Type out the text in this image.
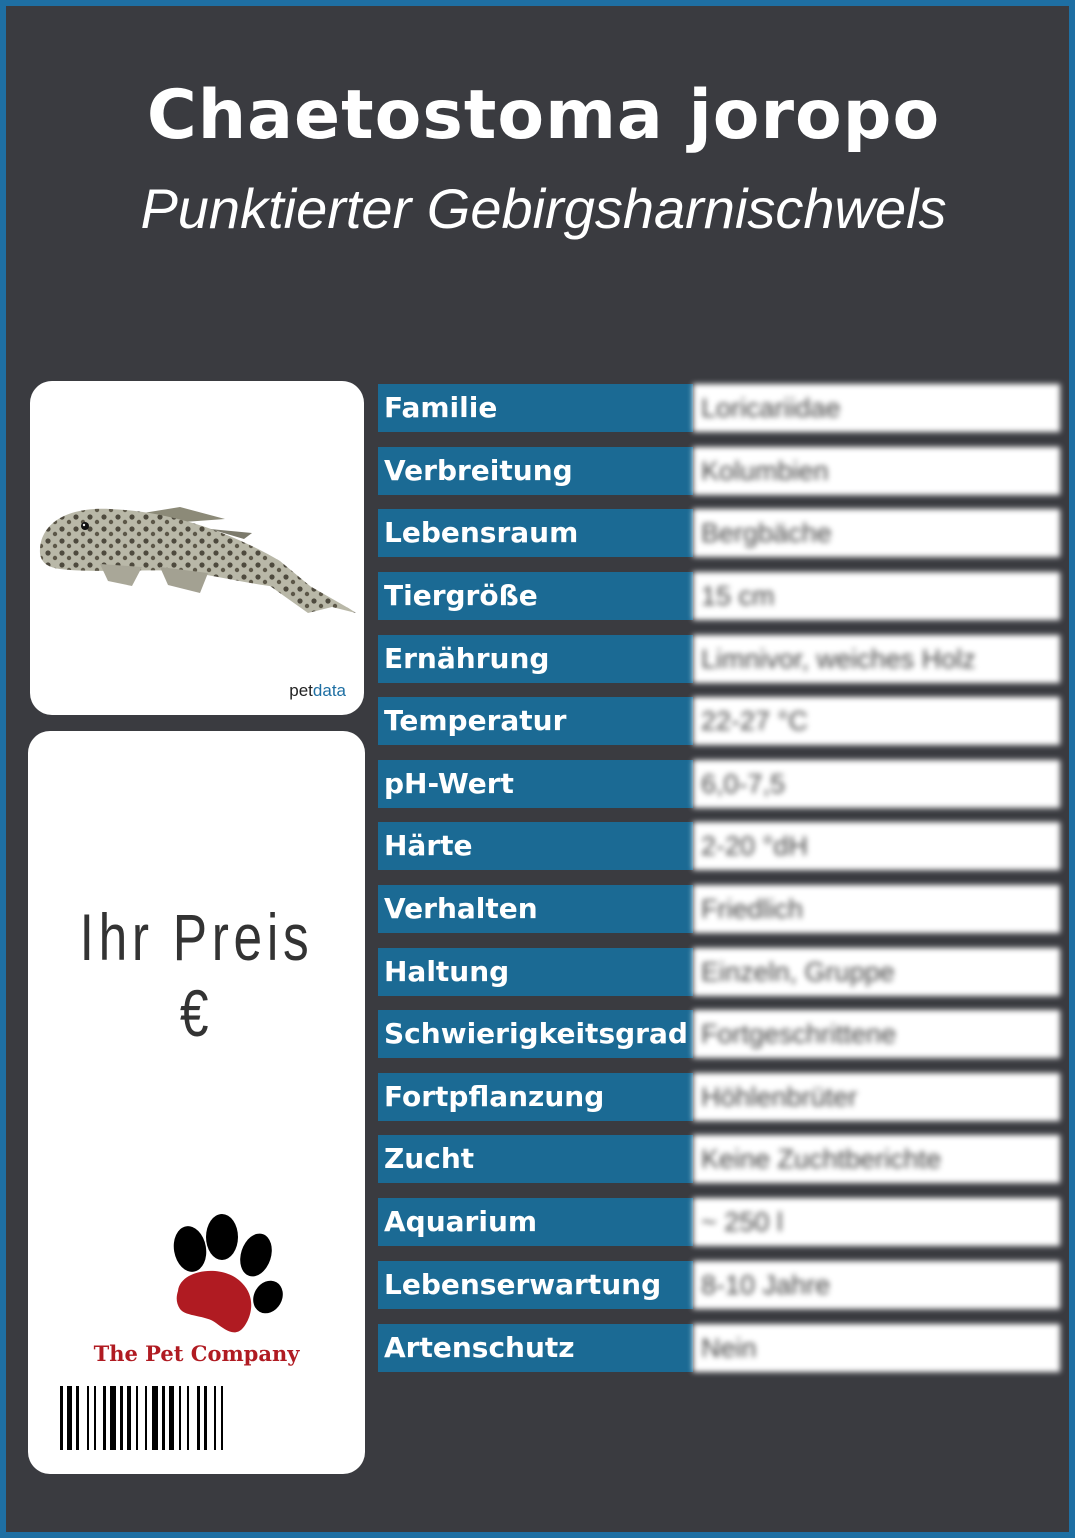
Chaetostoma joropo
Punktierter Gebirgsharnischwels
petdata
Ihr Preis €
The Pet Company
Familie	Loricariidae
Verbreitung	Kolumbien
Lebensraum	Bergbäche
Tiergröße	15 cm
Ernährung	Limnivor, weiches Holz
Temperatur	22-27 °C
pH-Wert	6,0-7,5
Härte	2-20 °dH
Verhalten	Friedlich
Haltung	Einzeln, Gruppe
Schwierigkeitsgrad Fortgeschrittene
Fortpflanzung	Höhlenbrüter
Zucht	Keine Zuchtberichte
Aquarium	~ 250 l
Lebenserwartung	8-10 Jahre
Artenschutz	Nein
